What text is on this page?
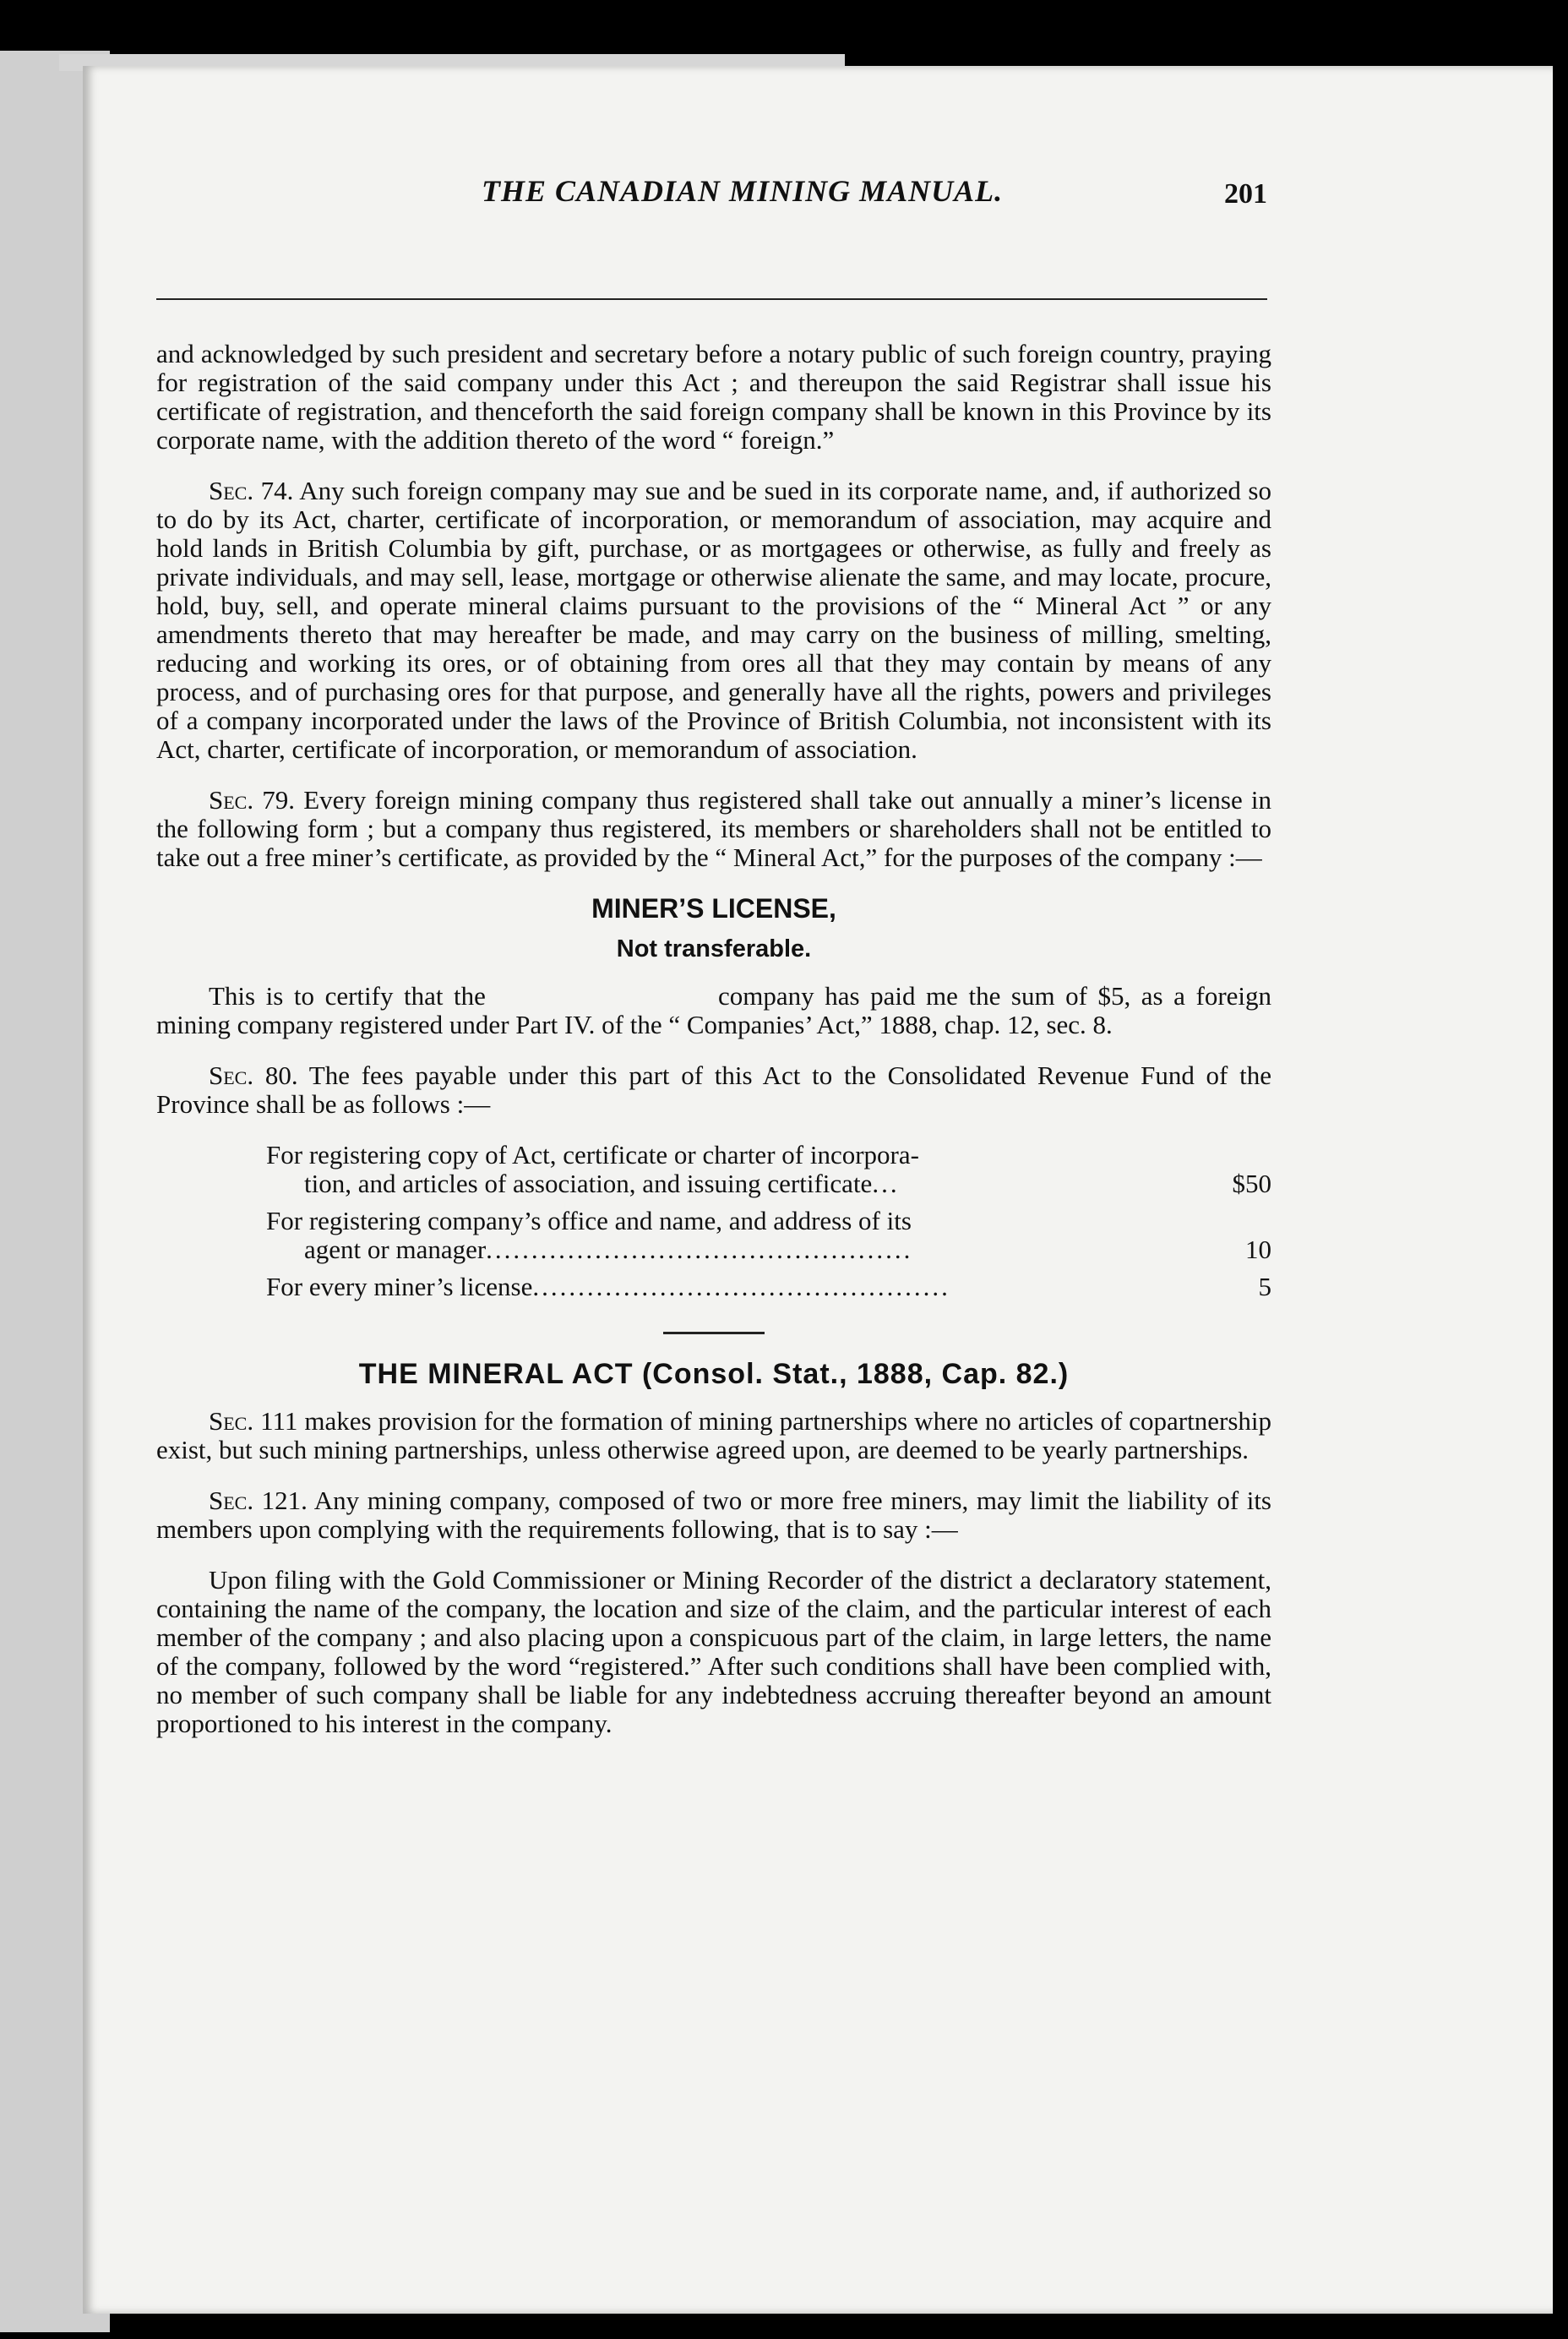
THE CANADIAN MINING MANUAL.	201

and acknowledged by such president and secretary before a notary public of such foreign country, praying for registration of the said company under this Act ; and thereupon the said Registrar shall issue his certificate of registration, and thenceforth the said foreign company shall be known in this Province by its corporate name, with the addition thereto of the word “ foreign.”

Sec. 74. Any such foreign company may sue and be sued in its corporate name, and, if authorized so to do by its Act, charter, certificate of incorporation, or memorandum of association, may acquire and hold lands in British Columbia by gift, purchase, or as mortgagees or otherwise, as fully and freely as private individuals, and may sell, lease, mortgage or otherwise alienate the same, and may locate, procure, hold, buy, sell, and operate mineral claims pursuant to the provisions of the “ Mineral Act ” or any amendments thereto that may hereafter be made, and may carry on the business of milling, smelting, reducing and working its ores, or of obtaining from ores all that they may contain by means of any process, and of purchasing ores for that purpose, and generally have all the rights, powers and privileges of a company incorporated under the laws of the Province of British Columbia, not inconsistent with its Act, charter, certificate of incorporation, or memorandum of association.

Sec. 79. Every foreign mining company thus registered shall take out annually a miner’s license in the following form ; but a company thus registered, its members or shareholders shall not be entitled to take out a free miner’s certificate, as provided by the “ Mineral Act,” for the purposes of the company :—

MINER’S LICENSE,
Not transferable.

This is to certify that the	company has paid me the sum of $5, as a foreign mining company registered under Part IV. of the “ Companies’ Act,” 1888, chap. 12, sec. 8.

Sec. 80. The fees payable under this part of this Act to the Consolidated Revenue Fund of the Province shall be as follows :—

For registering copy of Act, certificate or charter of incorpora-
tion, and articles of association, and issuing certificate...	$50
For registering company’s office and name, and address of its
agent or manager...............................................	10
For every miner’s license..............................................	5
THE MINERAL ACT (Consol. Stat., 1888, Cap. 82.)

Sec. 111 makes provision for the formation of mining partnerships where no articles of copartnership exist, but such mining partnerships, unless otherwise agreed upon, are deemed to be yearly partnerships.

Sec. 121. Any mining company, composed of two or more free miners, may limit the liability of its members upon complying with the requirements following, that is to say :—

Upon filing with the Gold Commissioner or Mining Recorder of the district a declaratory statement, containing the name of the company, the location and size of the claim, and the particular interest of each member of the company ; and also placing upon a conspicuous part of the claim, in large letters, the name of the company, followed by the word “registered.” After such conditions shall have been complied with, no member of such company shall be liable for any indebtedness accruing thereafter beyond an amount proportioned to his interest in the company.
